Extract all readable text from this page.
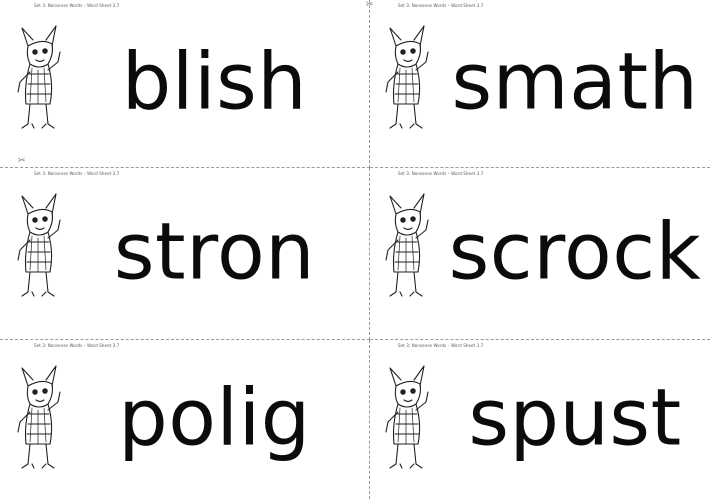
Set 3: Nonsense Words – Word Sheet 3.7
blish
Set 3: Nonsense Words – Word Sheet 3.7
smath
Set 3: Nonsense Words – Word Sheet 3.7
stron
Set 3: Nonsense Words – Word Sheet 3.7
scrock
Set 3: Nonsense Words – Word Sheet 3.7
polig
Set 3: Nonsense Words – Word Sheet 3.7
spust
✂
✂
